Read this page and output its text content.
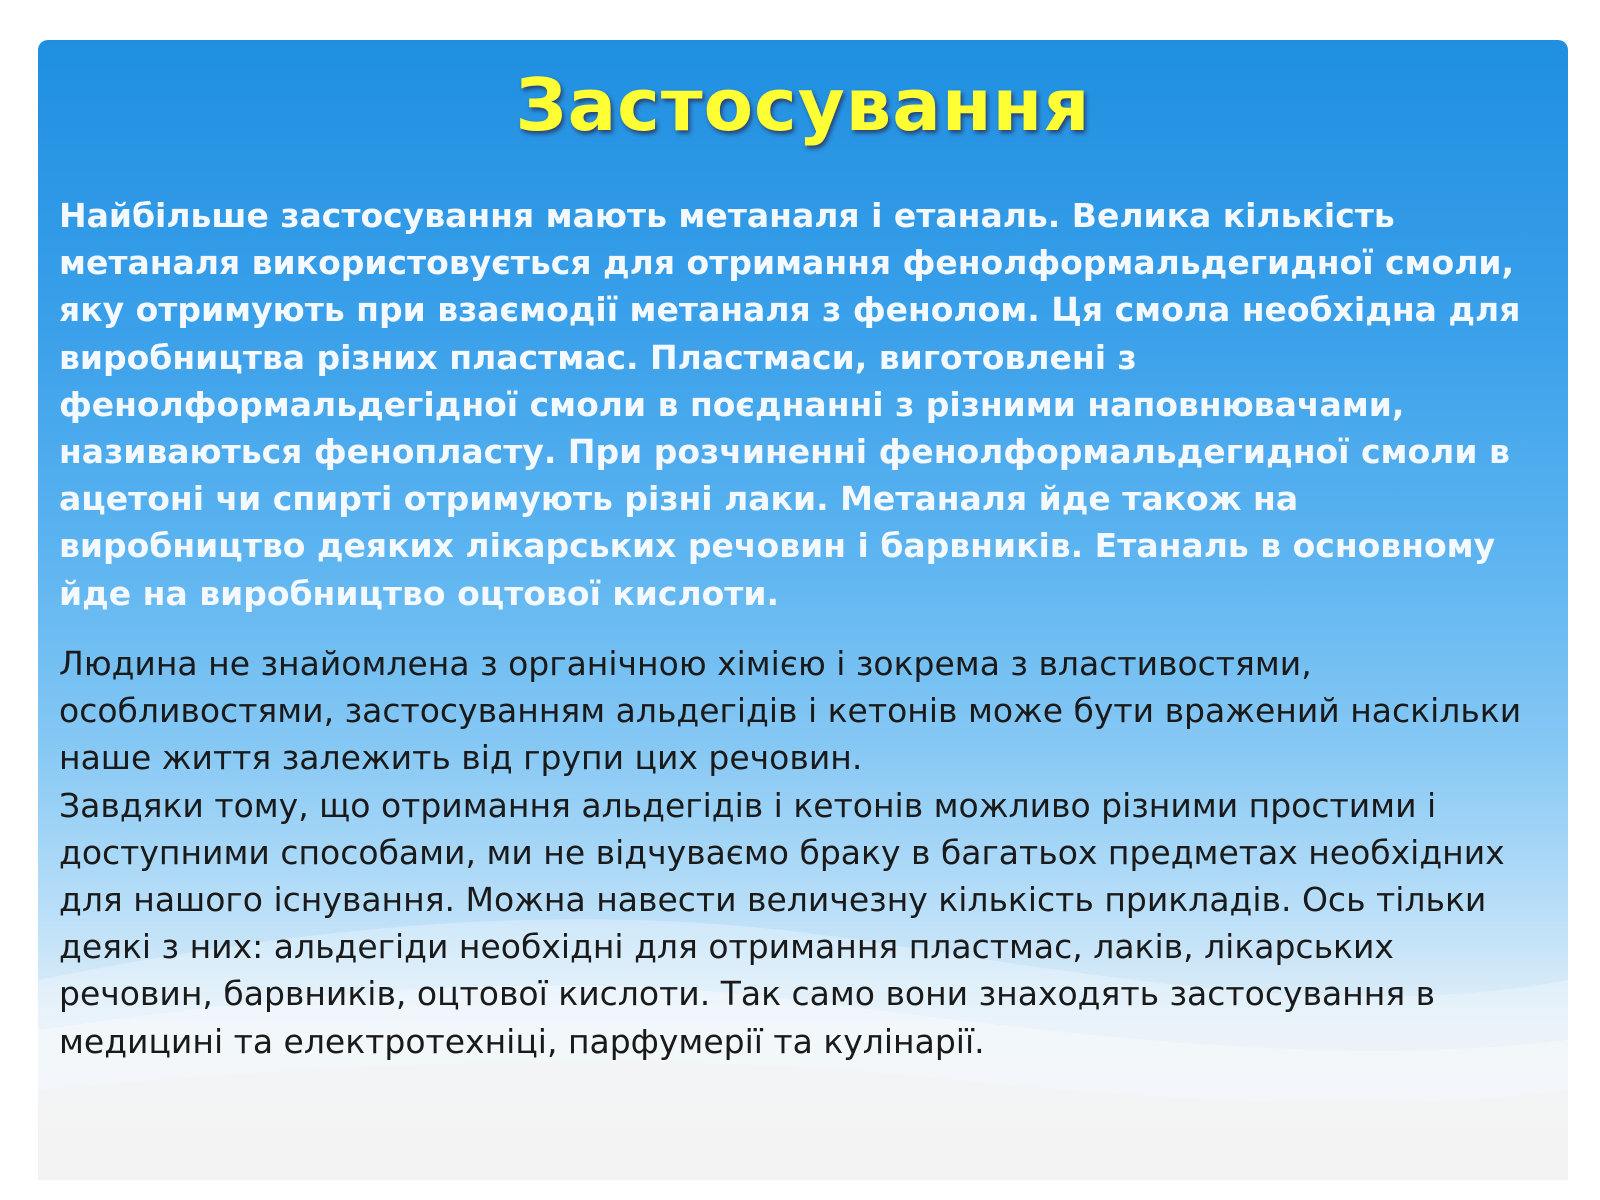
Застосування

Найбільше застосування мають метаналя і етаналь. Велика кількість метаналя використовується для отримання фенолформальдегидної смоли, яку отримують при взаємодії метаналя з фенолом. Ця смола необхідна для виробництва різних пластмас. Пластмаси, виготовлені з фенолформальдегідної смоли в поєднанні з різними наповнювачами, називаються фенопласту. При розчиненні фенолформальдегидної смоли в ацетоні чи спирті отримують різні лаки. Метаналя йде також на виробництво деяких лікарських речовин і барвників. Етаналь в основному йде на виробництво оцтової кислоти.

Людина не знайомлена з органічною хімією і зокрема з властивостями, особливостями, застосуванням альдегідів і кетонів може бути вражений наскільки наше життя залежить від групи цих речовин.
Завдяки тому, що отримання альдегідів і кетонів можливо різними простими і доступними способами, ми не відчуваємо браку в багатьох предметах необхідних для нашого існування. Можна навести величезну кількість прикладів. Ось тільки деякі з них: альдегіди необхідні для отримання пластмас, лаків, лікарських речовин, барвників, оцтової кислоти. Так само вони знаходять застосування в медицині та електротехніці, парфумерії та кулінарії.
